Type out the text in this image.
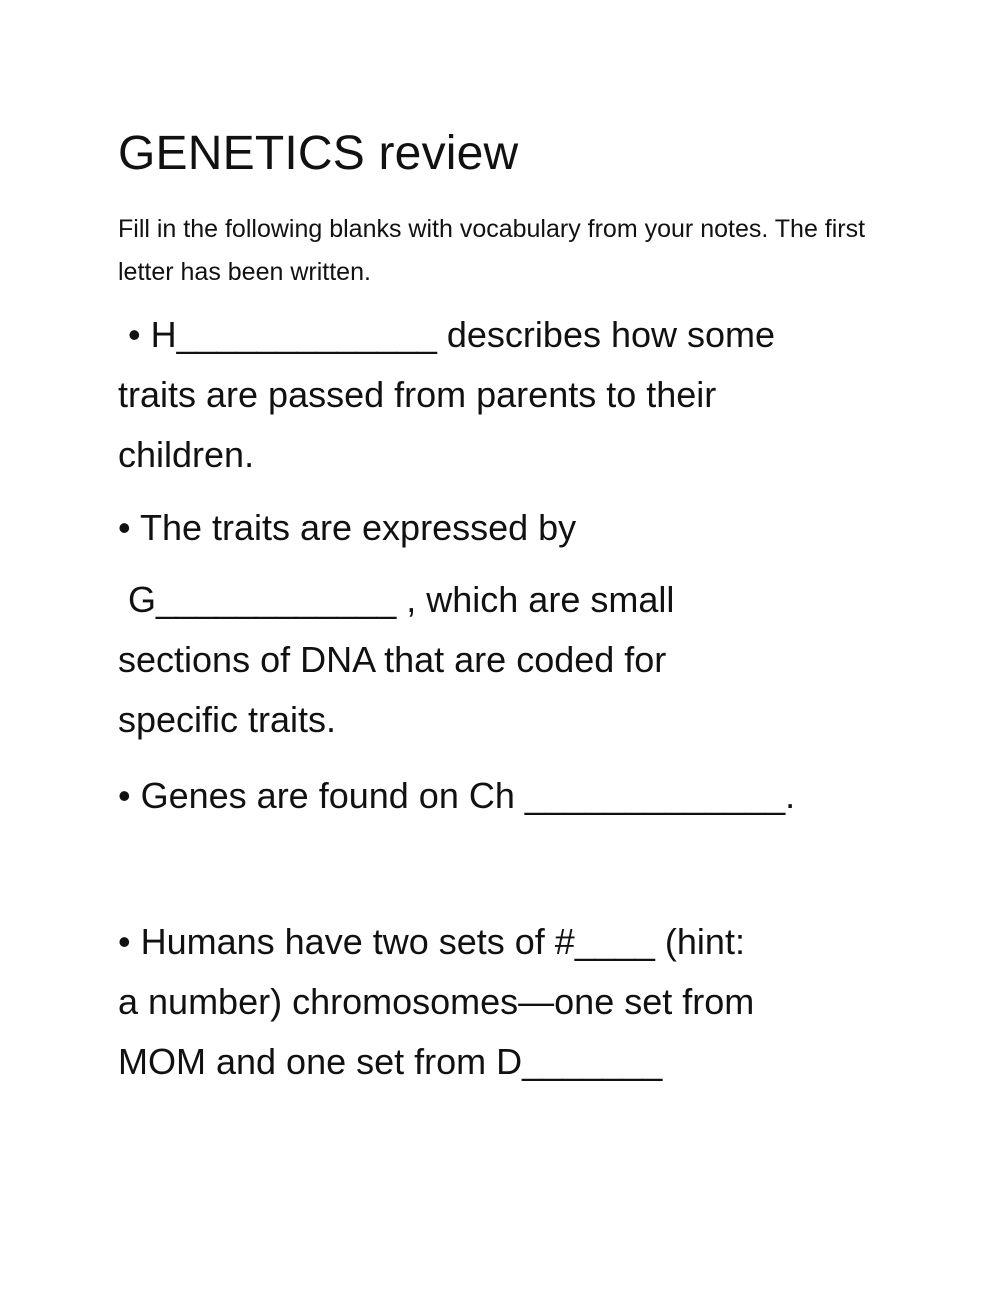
GENETICS review

Fill in the following blanks with vocabulary from your notes. The first letter has been written.

• H_____________ describes how some
traits are passed from parents to their
children.

• The traits are expressed by

G____________ , which are small
sections of DNA that are coded for
specific traits.

• Genes are found on Ch _____________.

• Humans have two sets of #____ (hint:
a number) chromosomes—one set from
MOM and one set from D_______
